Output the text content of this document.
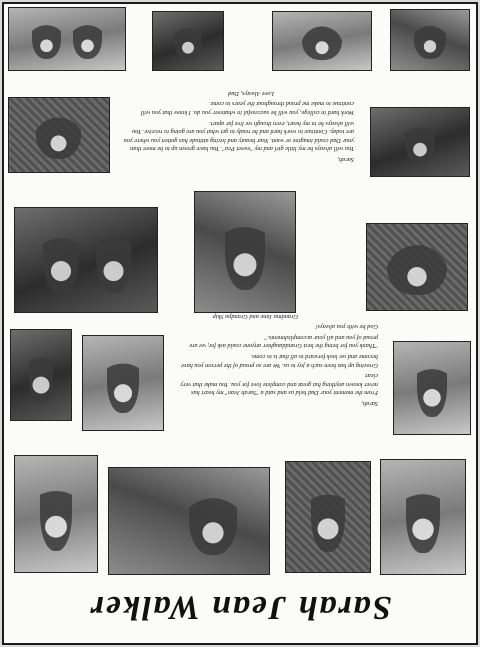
Sarah Jean Walker

Sarah,

From the moment your Dad held us and said a "Sarah Jean" my heart has never known anything but great and complete love for you. You make that very clear.

Growing up has been such a joy to us. We are so proud of the person you have become and we look forward to all that is to come.

"Thank you for being the best Granddaughter anyone could ask for, we are proud of you and all your accomplishments."

God be with you always!

Grandma Jane and Grandpa Skip

Sarah,

You will always be my little girl and my "sweet Pea". You have grown up to be more than your Dad could imagine or want. Your beauty and loving attitude has gotten you where you are today. Continue to work hard and be ready to get what you are going to receive. You will always be in my heart, even though we live far apart.

Work hard in college, you will be successful in whatever you do. I know that you will continue to make me proud throughout the years to come.

Love Always, Dad
